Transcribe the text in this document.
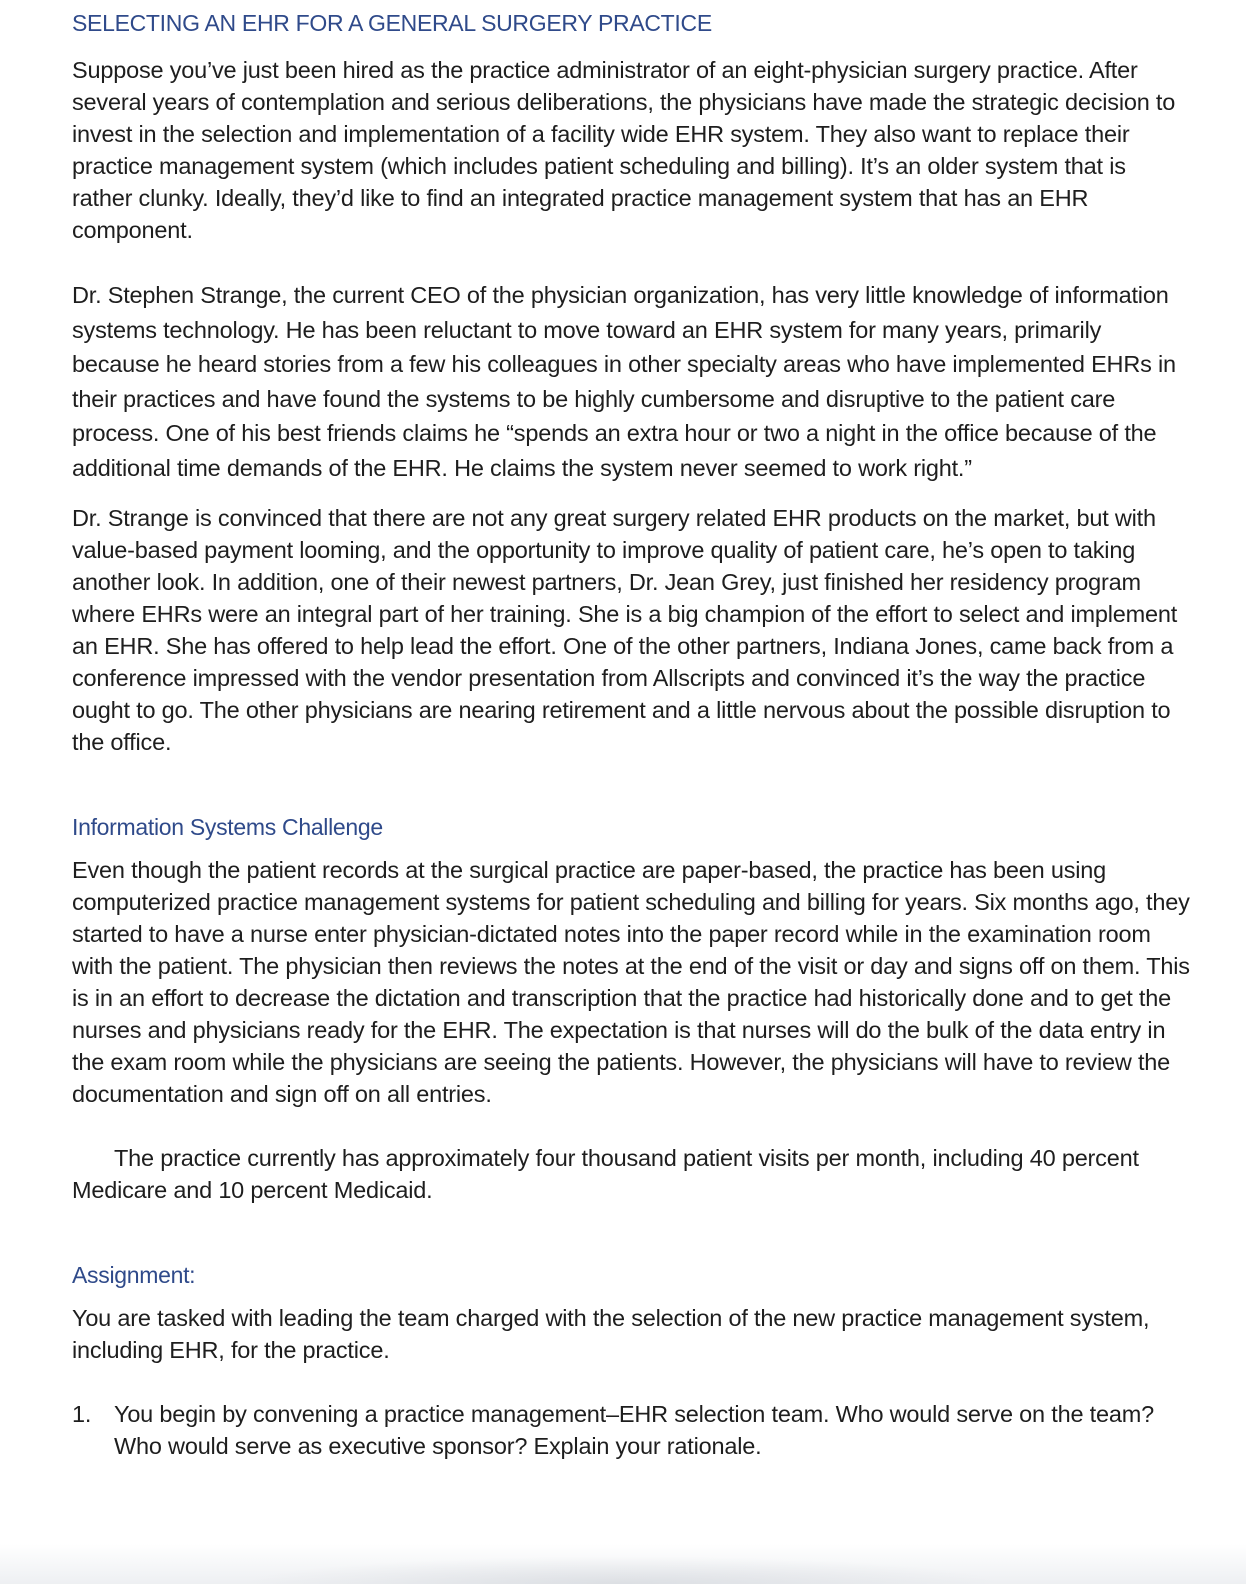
SELECTING AN EHR FOR A GENERAL SURGERY PRACTICE

Suppose you’ve just been hired as the practice administrator of an eight-physician surgery practice. After several years of contemplation and serious deliberations, the physicians have made the strategic decision to invest in the selection and implementation of a facility wide EHR system. They also want to replace their practice management system (which includes patient scheduling and billing). It’s an older system that is rather clunky. Ideally, they’d like to find an integrated practice management system that has an EHR component.

Dr. Stephen Strange, the current CEO of the physician organization, has very little knowledge of information systems technology. He has been reluctant to move toward an EHR system for many years, primarily because he heard stories from a few his colleagues in other specialty areas who have implemented EHRs in their practices and have found the systems to be highly cumbersome and disruptive to the patient care process. One of his best friends claims he “spends an extra hour or two a night in the office because of the additional time demands of the EHR. He claims the system never seemed to work right.”

Dr. Strange is convinced that there are not any great surgery related EHR products on the market, but with value-based payment looming, and the opportunity to improve quality of patient care, he’s open to taking another look. In addition, one of their newest partners, Dr. Jean Grey, just finished her residency program where EHRs were an integral part of her training. She is a big champion of the effort to select and implement an EHR. She has offered to help lead the effort. One of the other partners, Indiana Jones, came back from a conference impressed with the vendor presentation from Allscripts and convinced it’s the way the practice ought to go. The other physicians are nearing retirement and a little nervous about the possible disruption to the office.

Information Systems Challenge

Even though the patient records at the surgical practice are paper-based, the practice has been using computerized practice management systems for patient scheduling and billing for years. Six months ago, they started to have a nurse enter physician-dictated notes into the paper record while in the examination room with the patient. The physician then reviews the notes at the end of the visit or day and signs off on them. This is in an effort to decrease the dictation and transcription that the practice had historically done and to get the nurses and physicians ready for the EHR. The expectation is that nurses will do the bulk of the data entry in the exam room while the physicians are seeing the patients. However, the physicians will have to review the documentation and sign off on all entries.

The practice currently has approximately four thousand patient visits per month, including 40 percent Medicare and 10 percent Medicaid.

Assignment:

You are tasked with leading the team charged with the selection of the new practice management system, including EHR, for the practice.

1. You begin by convening a practice management–EHR selection team. Who would serve on the team? Who would serve as executive sponsor? Explain your rationale.
